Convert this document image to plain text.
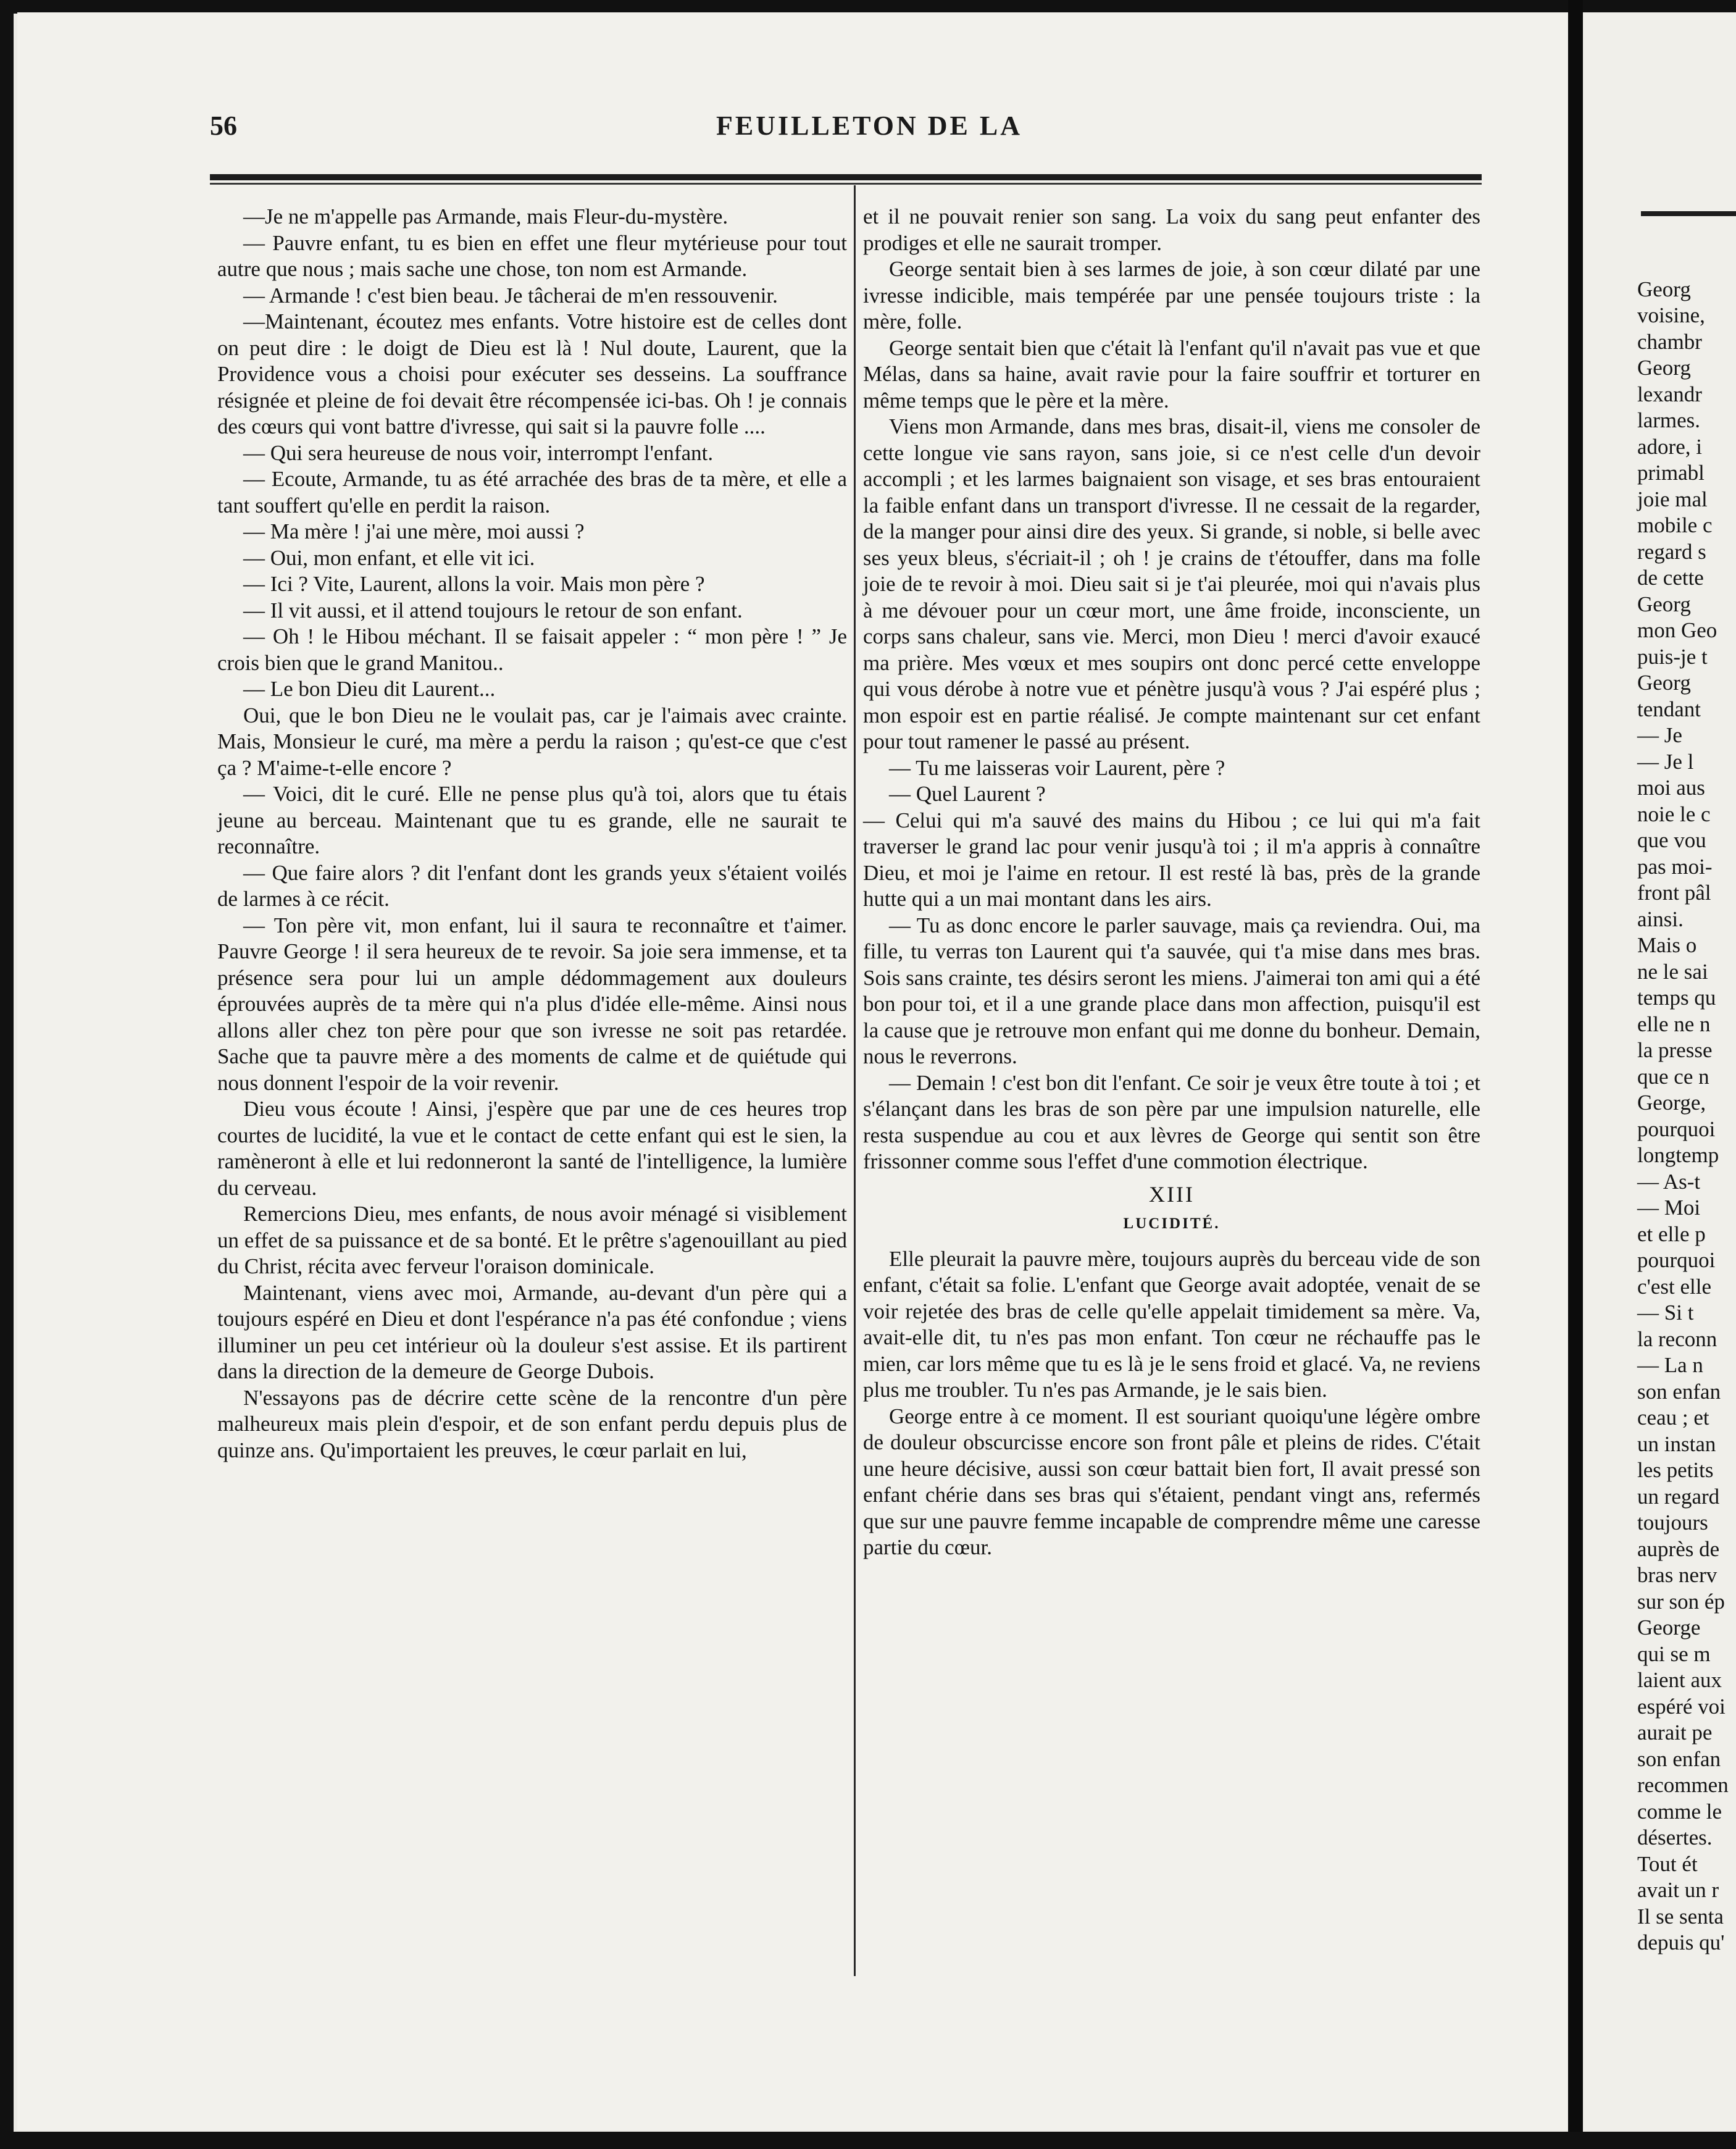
Georg
voisine,
chambr
Georg
lexandr
larmes.
adore, i
primabl
joie mal
mobile c
regard s
de cette
Georg
mon Geo
puis-je t
Georg
tendant
— Je
— Je l
moi aus
noie le c
que vou
pas moi-
front pâl
ainsi.
Mais o
ne le sai
temps qu
elle ne n
la presse
que ce n
George,
pourquoi
longtemp
— As-t
— Moi
et elle p
pourquoi
c'est elle
— Si t
la reconn
— La n
son enfan
ceau ; et
un instan
les petits
un regard
toujours
auprès de
bras nerv
sur son ép
George
qui se m
laient aux
espéré voi
aurait pe
son enfan
recommen
comme le
désertes.
Tout ét
avait un r
Il se senta
depuis qu'
56	FEUILLETON DE LA

—Je ne m'appelle pas Armande, mais Fleur-du-mystère.

— Pauvre enfant, tu es bien en effet une fleur mytérieuse pour tout autre que nous ; mais sache une chose, ton nom est Armande.

— Armande ! c'est bien beau. Je tâcherai de m'en ressouvenir.

—Maintenant, écoutez mes enfants. Votre histoire est de celles dont on peut dire : le doigt de Dieu est là ! Nul doute, Laurent, que la Providence vous a choisi pour exécuter ses desseins. La souffrance résignée et pleine de foi devait être récompensée ici-bas. Oh ! je connais des cœurs qui vont battre d'ivresse, qui sait si la pauvre folle ....

— Qui sera heureuse de nous voir, interrompt l'enfant.

— Ecoute, Armande, tu as été arrachée des bras de ta mère, et elle a tant souffert qu'elle en perdit la raison.

— Ma mère ! j'ai une mère, moi aussi ?

— Oui, mon enfant, et elle vit ici.

— Ici ? Vite, Laurent, allons la voir. Mais mon père ?

— Il vit aussi, et il attend toujours le retour de son enfant.

— Oh ! le Hibou méchant. Il se faisait appeler : “ mon père ! ” Je crois bien que le grand Manitou..

— Le bon Dieu dit Laurent...

Oui, que le bon Dieu ne le voulait pas, car je l'aimais avec crainte. Mais, Monsieur le curé, ma mère a perdu la raison ; qu'est-ce que c'est ça ? M'aime-t-elle encore ?

— Voici, dit le curé. Elle ne pense plus qu'à toi, alors que tu étais jeune au berceau. Maintenant que tu es grande, elle ne saurait te reconnaître.

— Que faire alors ? dit l'enfant dont les grands yeux s'étaient voilés de larmes à ce récit.

— Ton père vit, mon enfant, lui il saura te reconnaître et t'aimer. Pauvre George ! il sera heureux de te revoir. Sa joie sera immense, et ta présence sera pour lui un ample dédommagement aux douleurs éprouvées auprès de ta mère qui n'a plus d'idée elle-même. Ainsi nous allons aller chez ton père pour que son ivresse ne soit pas retardée. Sache que ta pauvre mère a des moments de calme et de quiétude qui nous donnent l'espoir de la voir revenir.

Dieu vous écoute ! Ainsi, j'espère que par une de ces heures trop courtes de lucidité, la vue et le contact de cette enfant qui est le sien, la ramèneront à elle et lui redonneront la santé de l'intelligence, la lumière du cerveau.

Remercions Dieu, mes enfants, de nous avoir ménagé si visiblement un effet de sa puissance et de sa bonté. Et le prêtre s'agenouillant au pied du Christ, récita avec ferveur l'oraison dominicale.

Maintenant, viens avec moi, Armande, au-devant d'un père qui a toujours espéré en Dieu et dont l'espérance n'a pas été confondue ; viens illuminer un peu cet intérieur où la douleur s'est assise. Et ils partirent dans la direction de la demeure de George Dubois.

N'essayons pas de décrire cette scène de la rencontre d'un père malheureux mais plein d'espoir, et de son enfant perdu depuis plus de quinze ans. Qu'importaient les preuves, le cœur parlait en lui,

et il ne pouvait renier son sang. La voix du sang peut enfanter des prodiges et elle ne saurait tromper.

George sentait bien à ses larmes de joie, à son cœur dilaté par une ivresse indicible, mais tempérée par une pensée toujours triste : la mère, folle.

George sentait bien que c'était là l'enfant qu'il n'avait pas vue et que Mélas, dans sa haine, avait ravie pour la faire souffrir et torturer en même temps que le père et la mère.

Viens mon Armande, dans mes bras, disait-il, viens me consoler de cette longue vie sans rayon, sans joie, si ce n'est celle d'un devoir accompli ; et les larmes baignaient son visage, et ses bras entouraient la faible enfant dans un transport d'ivresse. Il ne cessait de la regarder, de la manger pour ainsi dire des yeux. Si grande, si noble, si belle avec ses yeux bleus, s'écriait-il ; oh ! je crains de t'étouffer, dans ma folle joie de te revoir à moi. Dieu sait si je t'ai pleurée, moi qui n'avais plus à me dévouer pour un cœur mort, une âme froide, inconsciente, un corps sans chaleur, sans vie. Merci, mon Dieu ! merci d'avoir exaucé ma prière. Mes vœux et mes soupirs ont donc percé cette enveloppe qui vous dérobe à notre vue et pénètre jusqu'à vous ? J'ai espéré plus ; mon espoir est en partie réalisé. Je compte maintenant sur cet enfant pour tout ramener le passé au présent.

— Tu me laisseras voir Laurent, père ?

— Quel Laurent ?

— Celui qui m'a sauvé des mains du Hibou ; ce lui qui m'a fait traverser le grand lac pour venir jusqu'à toi ; il m'a appris à connaître Dieu, et moi je l'aime en retour. Il est resté là bas, près de la grande hutte qui a un mai montant dans les airs.

— Tu as donc encore le parler sauvage, mais ça reviendra. Oui, ma fille, tu verras ton Laurent qui t'a sauvée, qui t'a mise dans mes bras. Sois sans crainte, tes désirs seront les miens. J'aimerai ton ami qui a été bon pour toi, et il a une grande place dans mon affection, puisqu'il est la cause que je retrouve mon enfant qui me donne du bonheur. Demain, nous le reverrons.

— Demain ! c'est bon dit l'enfant. Ce soir je veux être toute à toi ; et s'élançant dans les bras de son père par une impulsion naturelle, elle resta suspendue au cou et aux lèvres de George qui sentit son être frissonner comme sous l'effet d'une commotion électrique.

XIII
LUCIDITÉ.

Elle pleurait la pauvre mère, toujours auprès du berceau vide de son enfant, c'était sa folie. L'enfant que George avait adoptée, venait de se voir rejetée des bras de celle qu'elle appelait timidement sa mère. Va, avait-elle dit, tu n'es pas mon enfant. Ton cœur ne réchauffe pas le mien, car lors même que tu es là je le sens froid et glacé. Va, ne reviens plus me troubler. Tu n'es pas Armande, je le sais bien.

George entre à ce moment. Il est souriant quoiqu'une légère ombre de douleur obscurcisse encore son front pâle et pleins de rides. C'était une heure décisive, aussi son cœur battait bien fort, Il avait pressé son enfant chérie dans ses bras qui s'étaient, pendant vingt ans, refermés que sur une pauvre femme incapable de comprendre même une caresse partie du cœur.
